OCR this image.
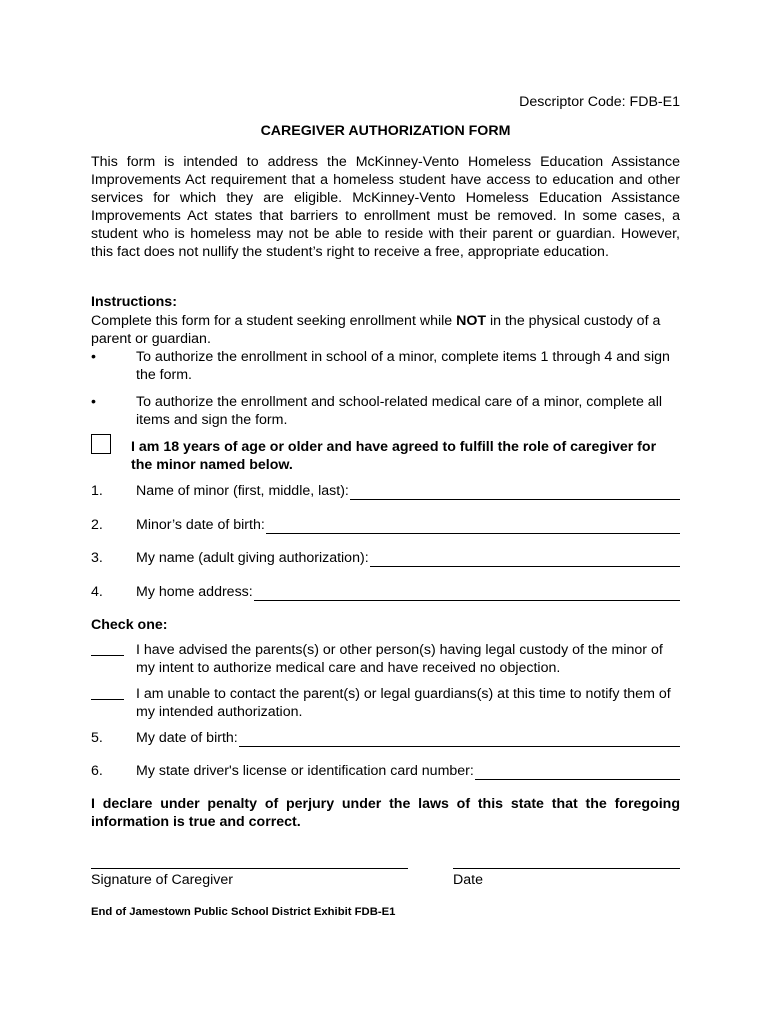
Descriptor Code: FDB-E1
CAREGIVER AUTHORIZATION FORM

This form is intended to address the McKinney-Vento Homeless Education Assistance Improvements Act requirement that a homeless student have access to education and other services for which they are eligible. McKinney-Vento Homeless Education Assistance Improvements Act states that barriers to enrollment must be removed. In some cases, a student who is homeless may not be able to reside with their parent or guardian. However, this fact does not nullify the student’s right to receive a free, appropriate education.

Instructions:

Complete this form for a student seeking enrollment while NOT in the physical custody of a parent or guardian.

•	To authorize the enrollment in school of a minor, complete items 1 through 4 and sign the form.
•	To authorize the enrollment and school-related medical care of a minor, complete all items and sign the form.
I am 18 years of age or older and have agreed to fulfill the role of caregiver for the minor named below.
1. Name of minor (first, middle, last):
2. Minor’s date of birth:
3. My name (adult giving authorization):
4. My home address:
Check one:
I have advised the parents(s) or other person(s) having legal custody of the minor of my intent to authorize medical care and have received no objection.
I am unable to contact the parent(s) or legal guardians(s) at this time to notify them of my intended authorization.
5. My date of birth:
6. My state driver's license or identification card number:
I declare under penalty of perjury under the laws of this state that the foregoing information is true and correct.
Signature of Caregiver	Date
End of Jamestown Public School District Exhibit FDB-E1
